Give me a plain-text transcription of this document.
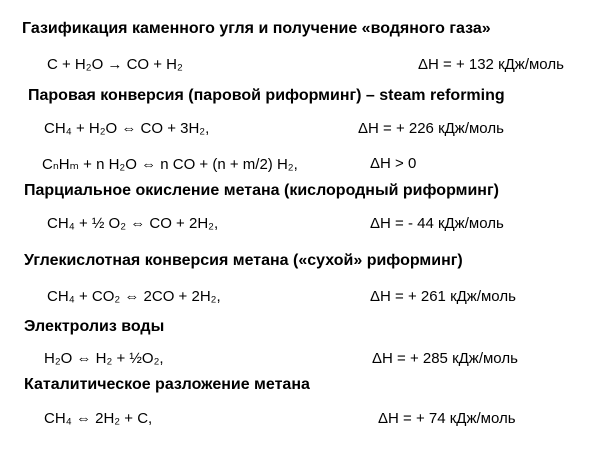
Газификация каменного угля и получение «водяного газа»
C + H₂O → CO + H₂	ΔH = + 132 кДж/моль
Паровая конверсия (паровой риформинг) – steam reforming
CH₄ + H₂O ⇔ CO + 3H₂,	ΔH = + 226 кДж/моль
CₙHₘ + n H₂O ⇔ n CO + (n + m/2) H₂,	ΔH > 0
Парциальное окисление метана (кислородный риформинг)
CH₄ + ½ O₂ ⇔ CO + 2H₂,	ΔH = - 44 кДж/моль
Углекислотная конверсия метана («сухой» риформинг)
CH₄ + CO₂ ⇔ 2CO + 2H₂,	ΔH = + 261 кДж/моль
Электролиз воды
H₂O ⇔ H₂ + ½O₂,	ΔH = + 285 кДж/моль
Каталитическое разложение метана
CH₄ ⇔ 2H₂ + C,	ΔH = + 74 кДж/моль
